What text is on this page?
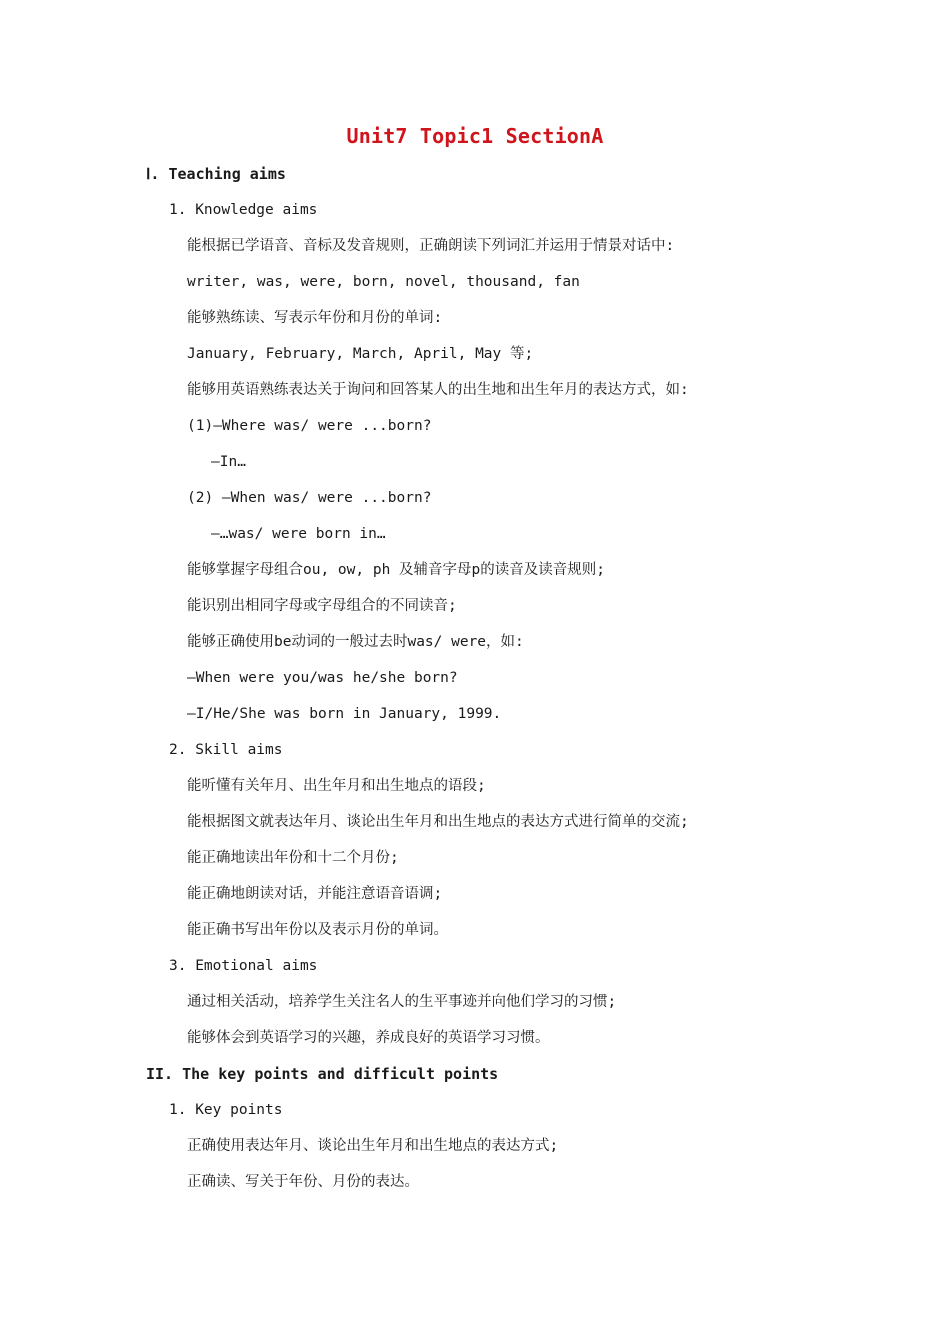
Unit7 Topic1 SectionA
Ⅰ. Teaching aims
1. Knowledge aims
能根据已学语音、音标及发音规则，正确朗读下列词汇并运用于情景对话中:
writer, was, were, born, novel, thousand, fan
能够熟练读、写表示年份和月份的单词:
January, February, March, April, May 等;
能够用英语熟练表达关于询问和回答某人的出生地和出生年月的表达方式，如:
(1)—Where was/ were ...born?
—In…
(2) —When was/ were ...born?
—…was/ were born in…
能够掌握字母组合ou, ow, ph 及辅音字母p的读音及读音规则;
能识别出相同字母或字母组合的不同读音;
能够正确使用be动词的一般过去时was/ were，如:
—When were you/was he/she born?
—I/He/She was born in January, 1999.
2. Skill aims
能听懂有关年月、出生年月和出生地点的语段;
能根据图文就表达年月、谈论出生年月和出生地点的表达方式进行简单的交流;
能正确地读出年份和十二个月份;
能正确地朗读对话，并能注意语音语调;
能正确书写出年份以及表示月份的单词。
3. Emotional aims
通过相关活动，培养学生关注名人的生平事迹并向他们学习的习惯;
能够体会到英语学习的兴趣，养成良好的英语学习习惯。
II. The key points and difficult points
1. Key points
正确使用表达年月、谈论出生年月和出生地点的表达方式;
正确读、写关于年份、月份的表达。
